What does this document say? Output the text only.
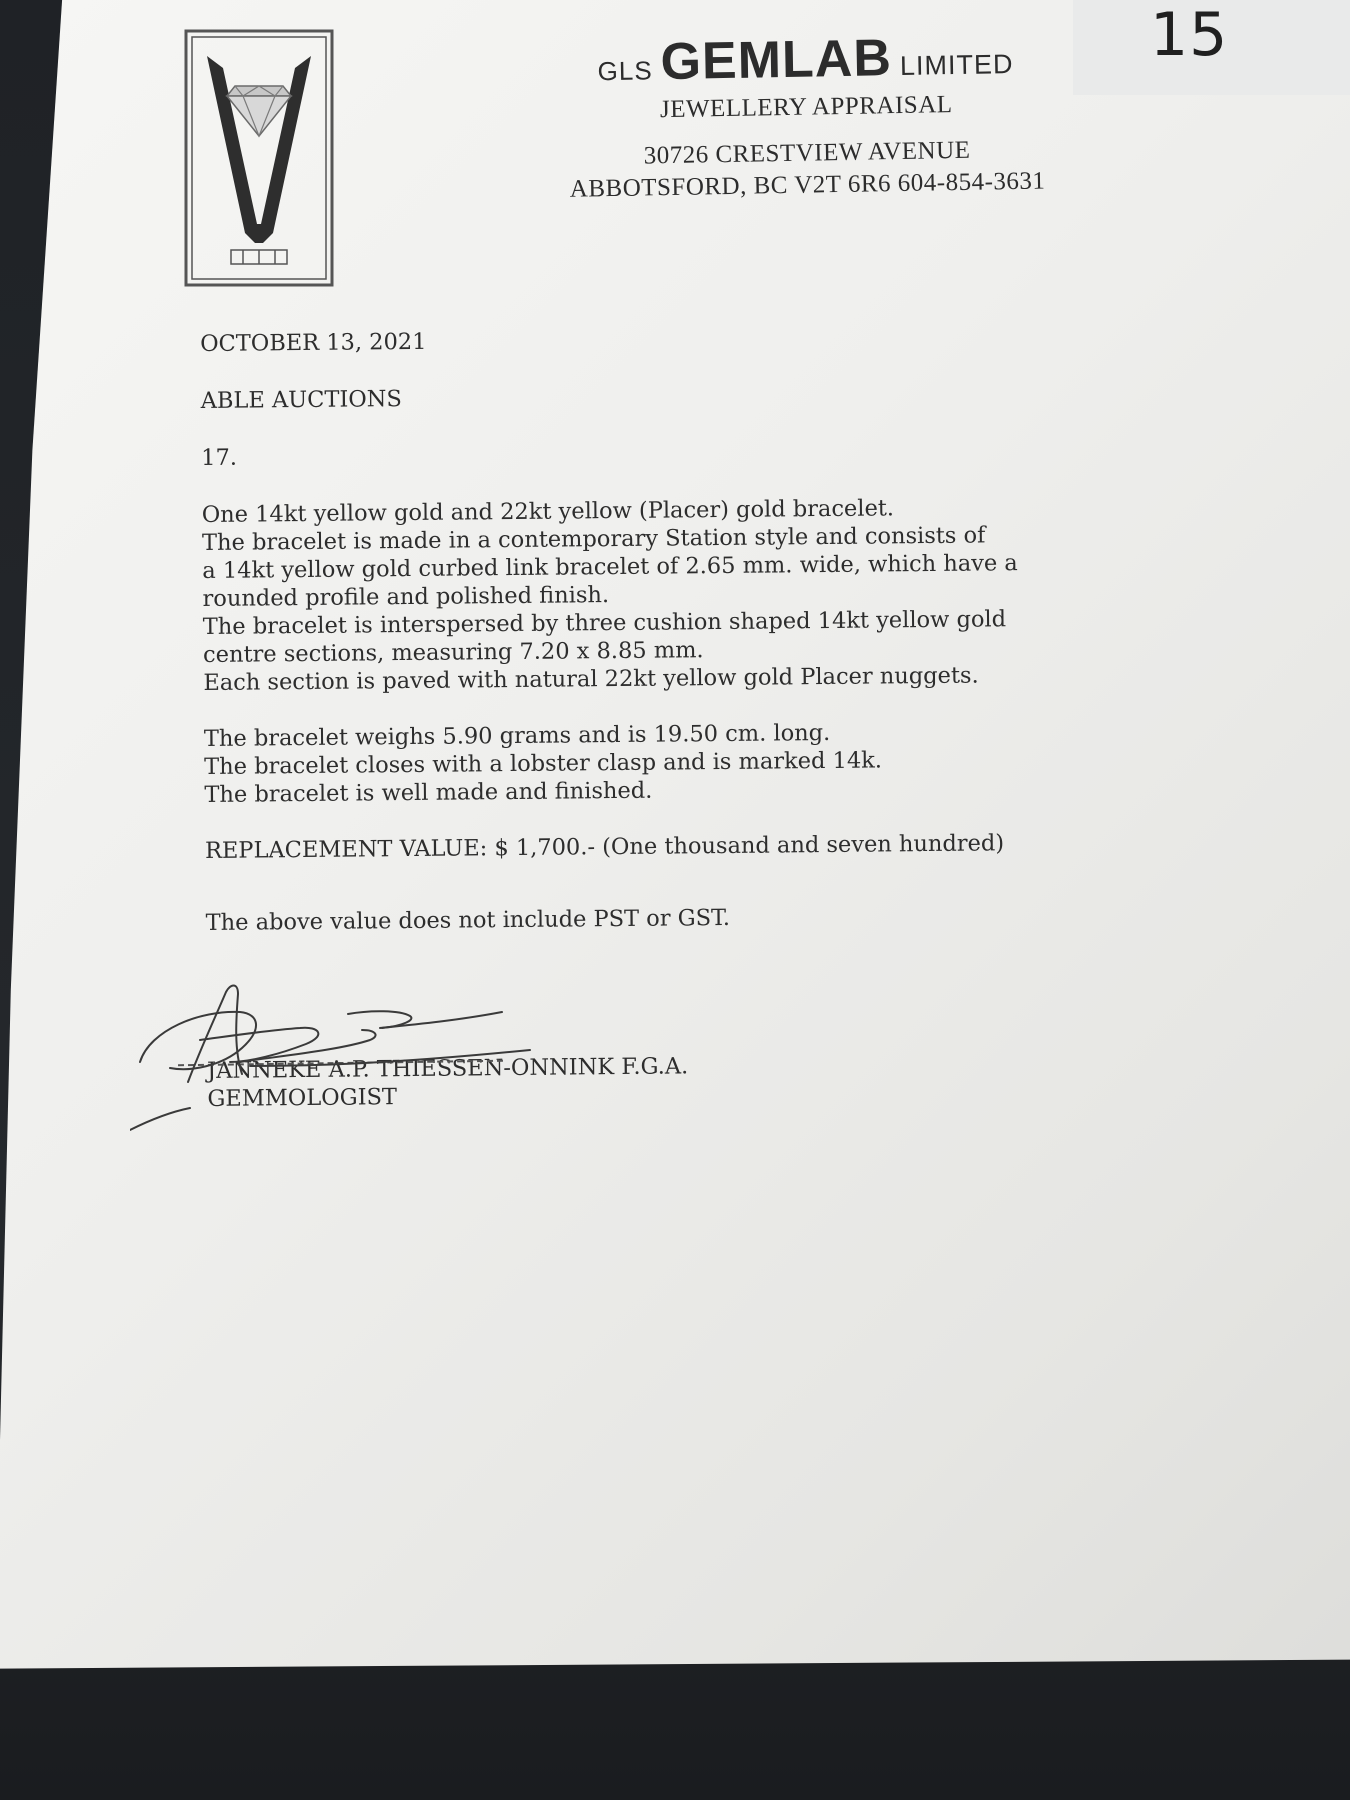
15
GLS GEMLAB LIMITED
JEWELLERY APPRAISAL
30726 CRESTVIEW AVENUE
ABBOTSFORD, BC V2T 6R6 604-854-3631
OCTOBER 13, 2021
ABLE AUCTIONS
17.
One 14kt yellow gold and 22kt yellow (Placer) gold bracelet.
The bracelet is made in a contemporary Station style and consists of
a 14kt yellow gold curbed link bracelet of 2.65 mm. wide, which have a
rounded profile and polished finish.
The bracelet is interspersed by three cushion shaped 14kt yellow gold
centre sections, measuring 7.20 x 8.85 mm.
Each section is paved with natural 22kt yellow gold Placer nuggets.
The bracelet weighs 5.90 grams and is 19.50 cm. long.
The bracelet closes with a lobster clasp and is marked 14k.
The bracelet is well made and finished.
REPLACEMENT VALUE: $ 1,700.- (One thousand and seven hundred)
The above value does not include PST or GST.
JANNEKE A.P. THIESSEN-ONNINK F.G.A.
GEMMOLOGIST
